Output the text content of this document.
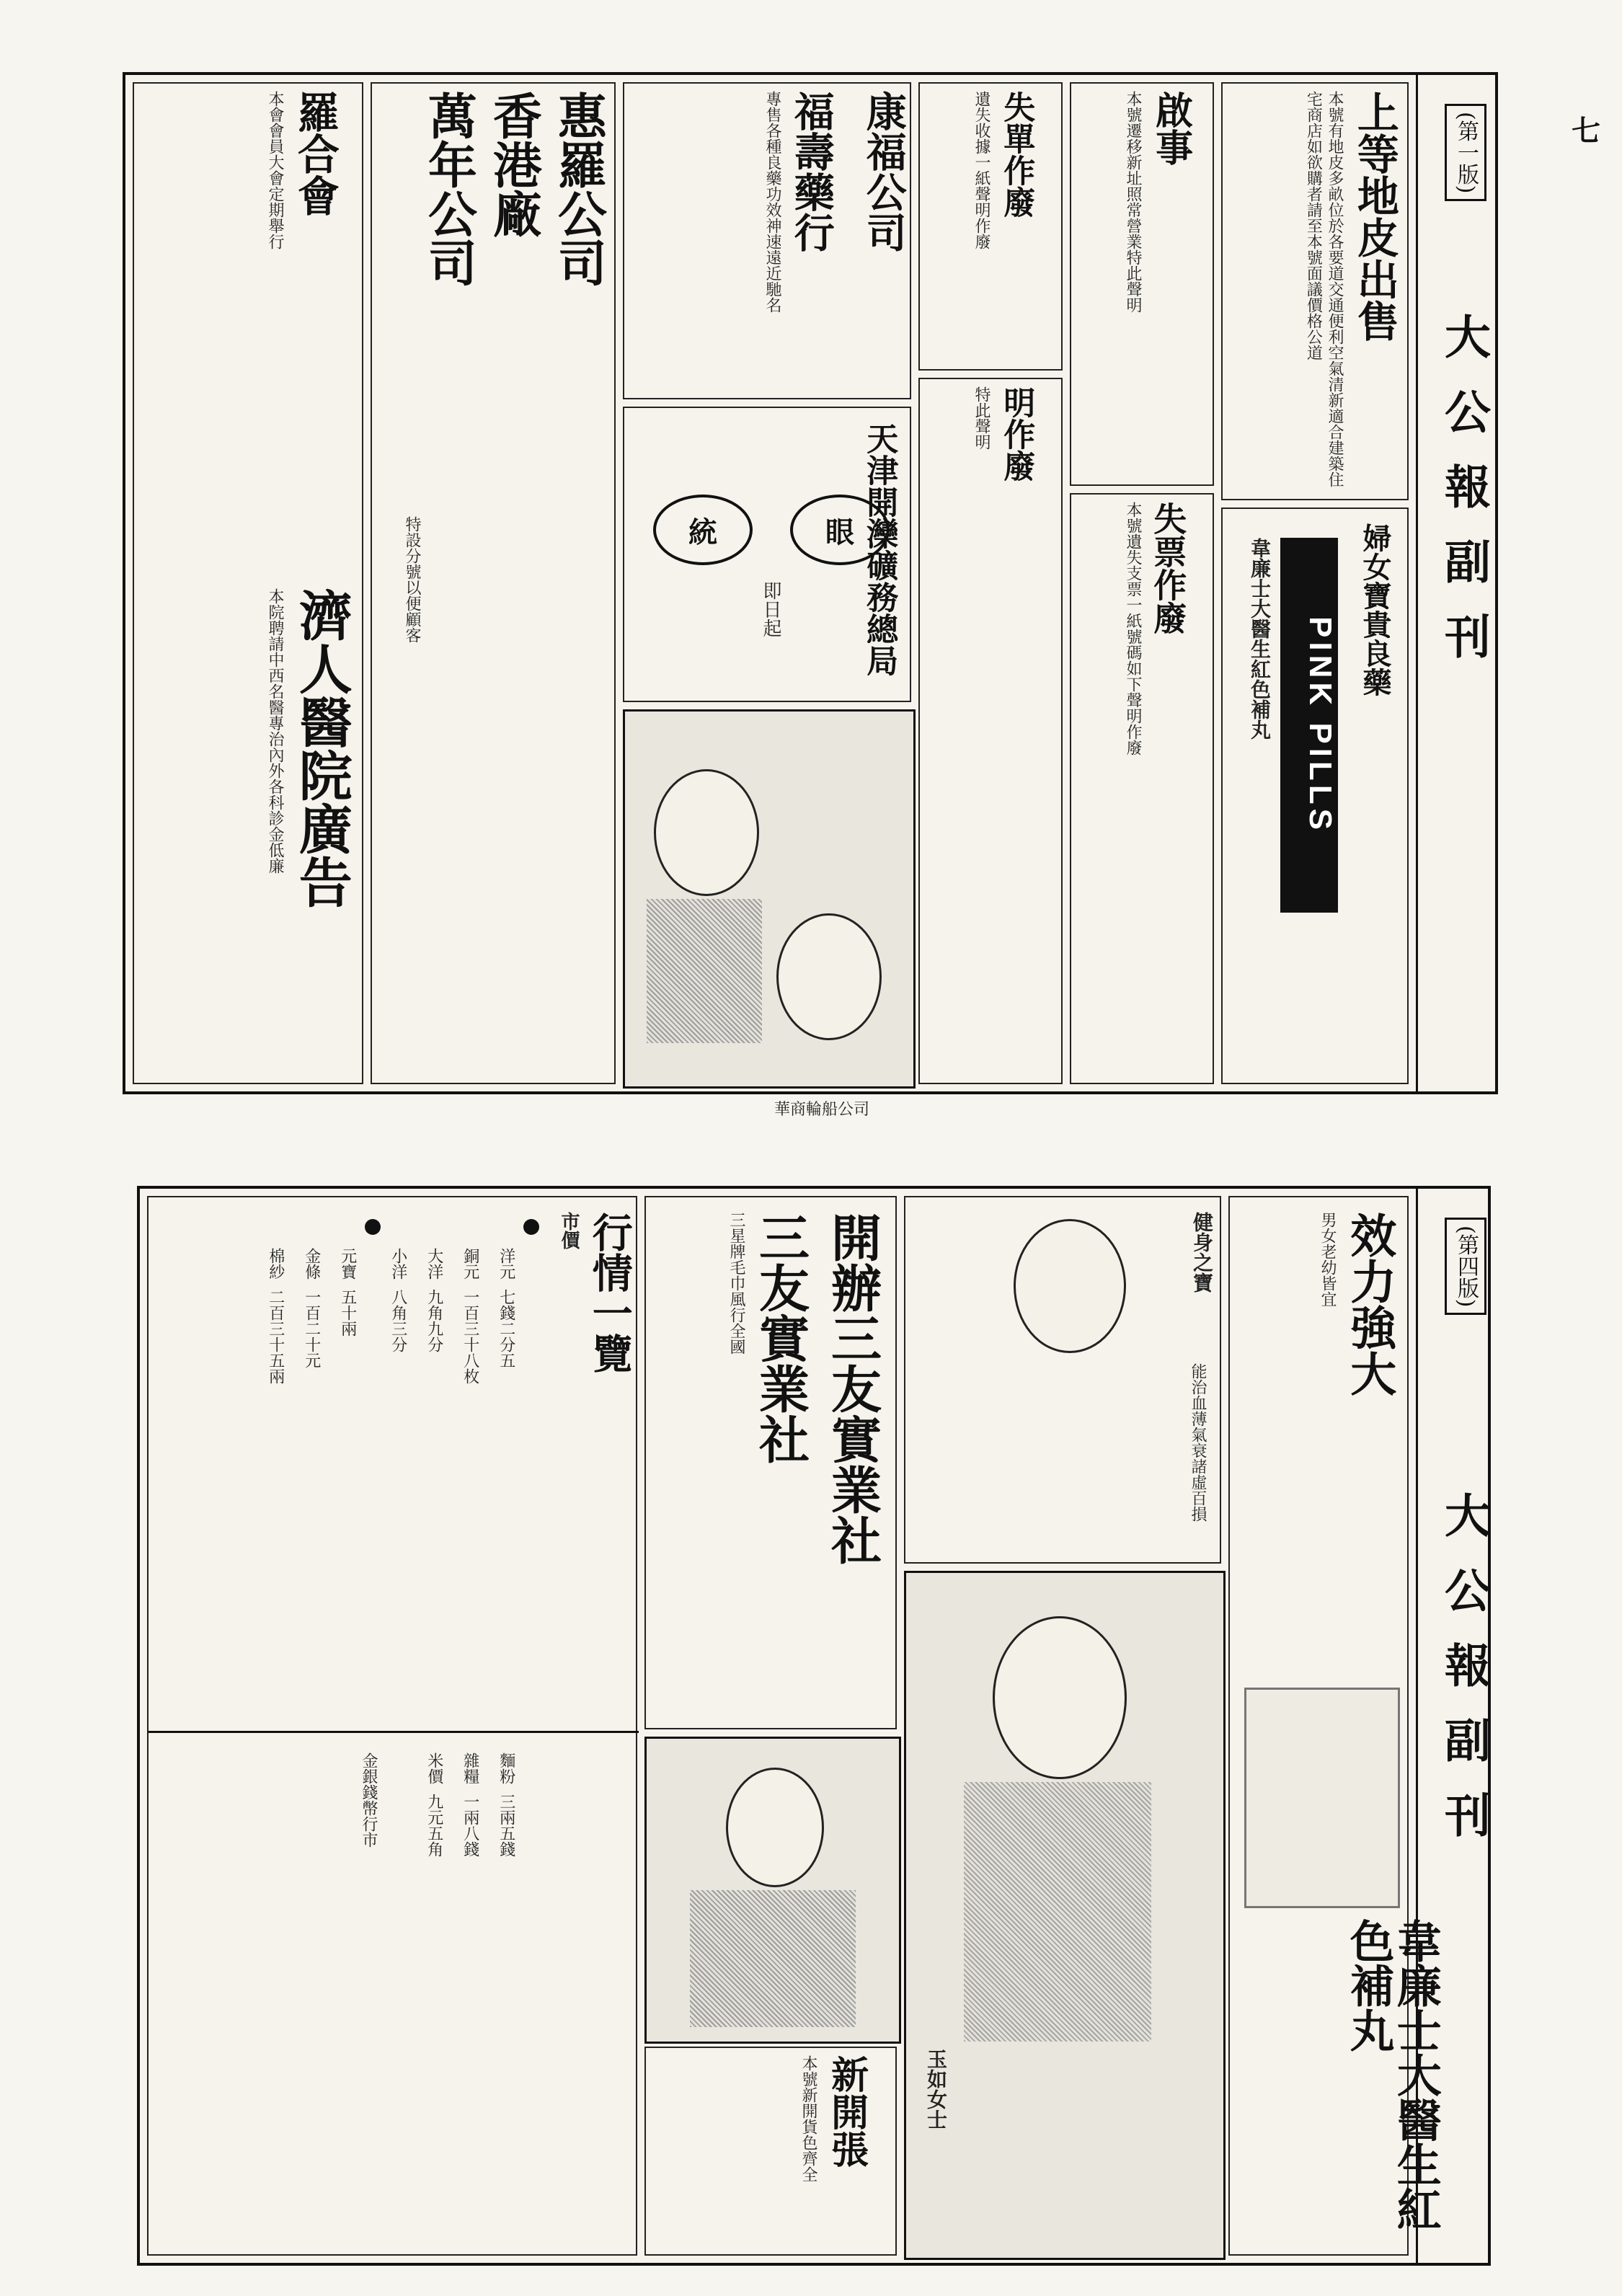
七
(第一版)
大公報副刊
PINK PILLS
婦女寶貴良藥
韋廉士大醫生紅色補丸
上等地皮出售
本號有地皮多畝位於各要道交通便利空氣清新適合建築住宅商店如欲購者請至本號面議價格公道
啟事
本號遷移新址照常營業特此聲明
失票作廢
本號遺失支票一紙號碼如下聲明作廢
失單作廢
遺失收據一紙聲明作廢
明作廢
特此聲明
眼
統
即日起	天津開灤礦務總局
康福公司
福壽藥行
專售各種良藥功效神速遠近馳名
惠羅公司
香港廠
萬年公司
特設分號以便顧客
濟人醫院廣告
本院聘請中西名醫專治內外各科診金低廉
羅合會
本會會員大會定期舉行
華商輪船公司
(第四版)
大公報副刊
效力強大
男女老幼皆宜
韋廉士大醫生紅色補丸
玉如女士
能治血薄氣衰諸虛百損
健身之寶
開辦三友實業社
三友實業社
三星牌毛巾風行全國
新開張
本號新開貨色齊全
行情一覽
市價
洋元 七錢二分五
銅元 一百三十八枚
大洋 九角九分
小洋 八角三分
元寶 五十兩
金條 一百二十元
棉紗 二百三十五兩
麵粉 三兩五錢
雜糧 一兩八錢
米價 九元五角
金銀錢幣行市
